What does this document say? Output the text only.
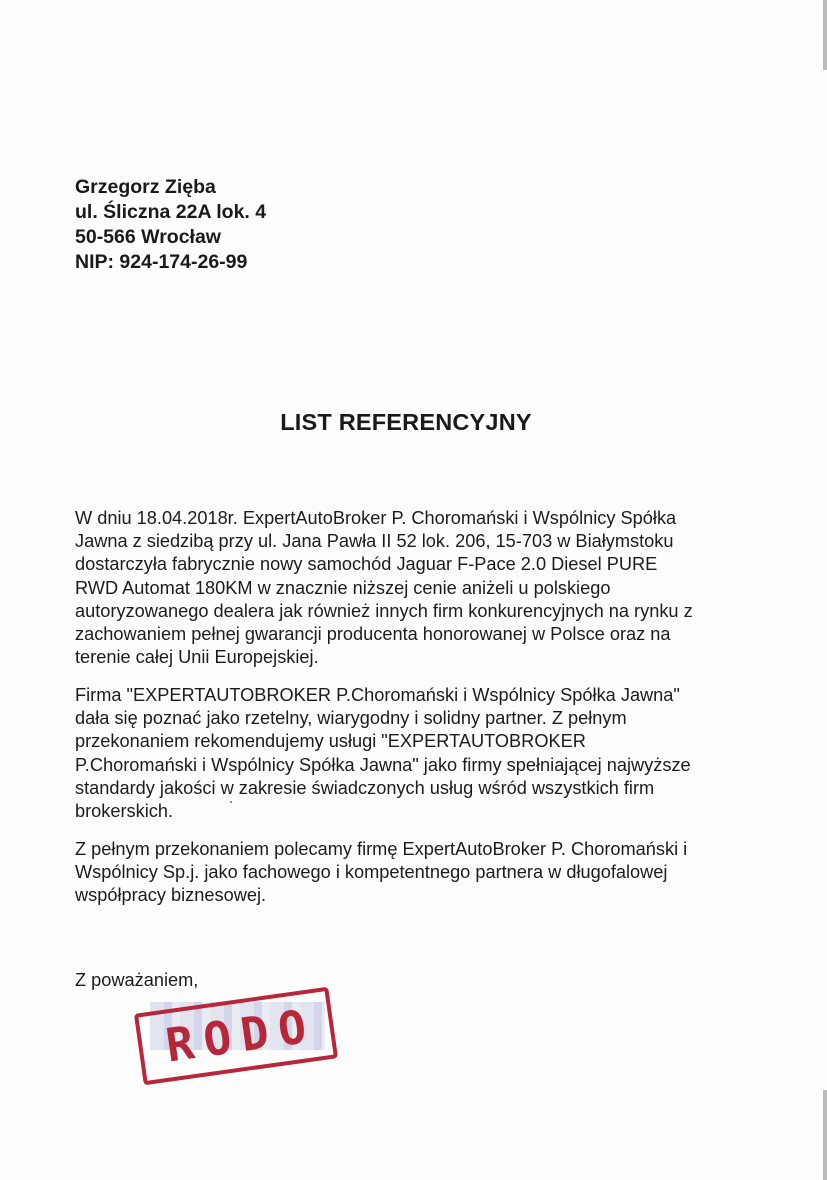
Grzegorz Zięba
ul. Śliczna 22A lok. 4
50-566 Wrocław
NIP: 924-174-26-99
LIST REFERENCYJNY
W dniu 18.04.2018r. ExpertAutoBroker P. Choromański i Wspólnicy Spółka
Jawna z siedzibą przy ul. Jana Pawła II 52 lok. 206, 15-703 w Białymstoku
dostarczyła fabrycznie nowy samochód Jaguar F-Pace 2.0 Diesel PURE
RWD Automat 180KM w znacznie niższej cenie aniżeli u polskiego
autoryzowanego dealera jak również innych firm konkurencyjnych na rynku z
zachowaniem pełnej gwarancji producenta honorowanej w Polsce oraz na
terenie całej Unii Europejskiej.
Firma "EXPERTAUTOBROKER P.Choromański i Wspólnicy Spółka Jawna"
dała się poznać jako rzetelny, wiarygodny i solidny partner. Z pełnym
przekonaniem rekomendujemy usługi "EXPERTAUTOBROKER
P.Choromański i Wspólnicy Spółka Jawna" jako firmy spełniającej najwyższe
standardy jakości w zakresie świadczonych usług wśród wszystkich firm
brokerskich.
Z pełnym przekonaniem polecamy firmę ExpertAutoBroker P. Choromański i
Wspólnicy Sp.j. jako fachowego i kompetentnego partnera w długofalowej
współpracy biznesowej.
Z poważaniem,
RODO
